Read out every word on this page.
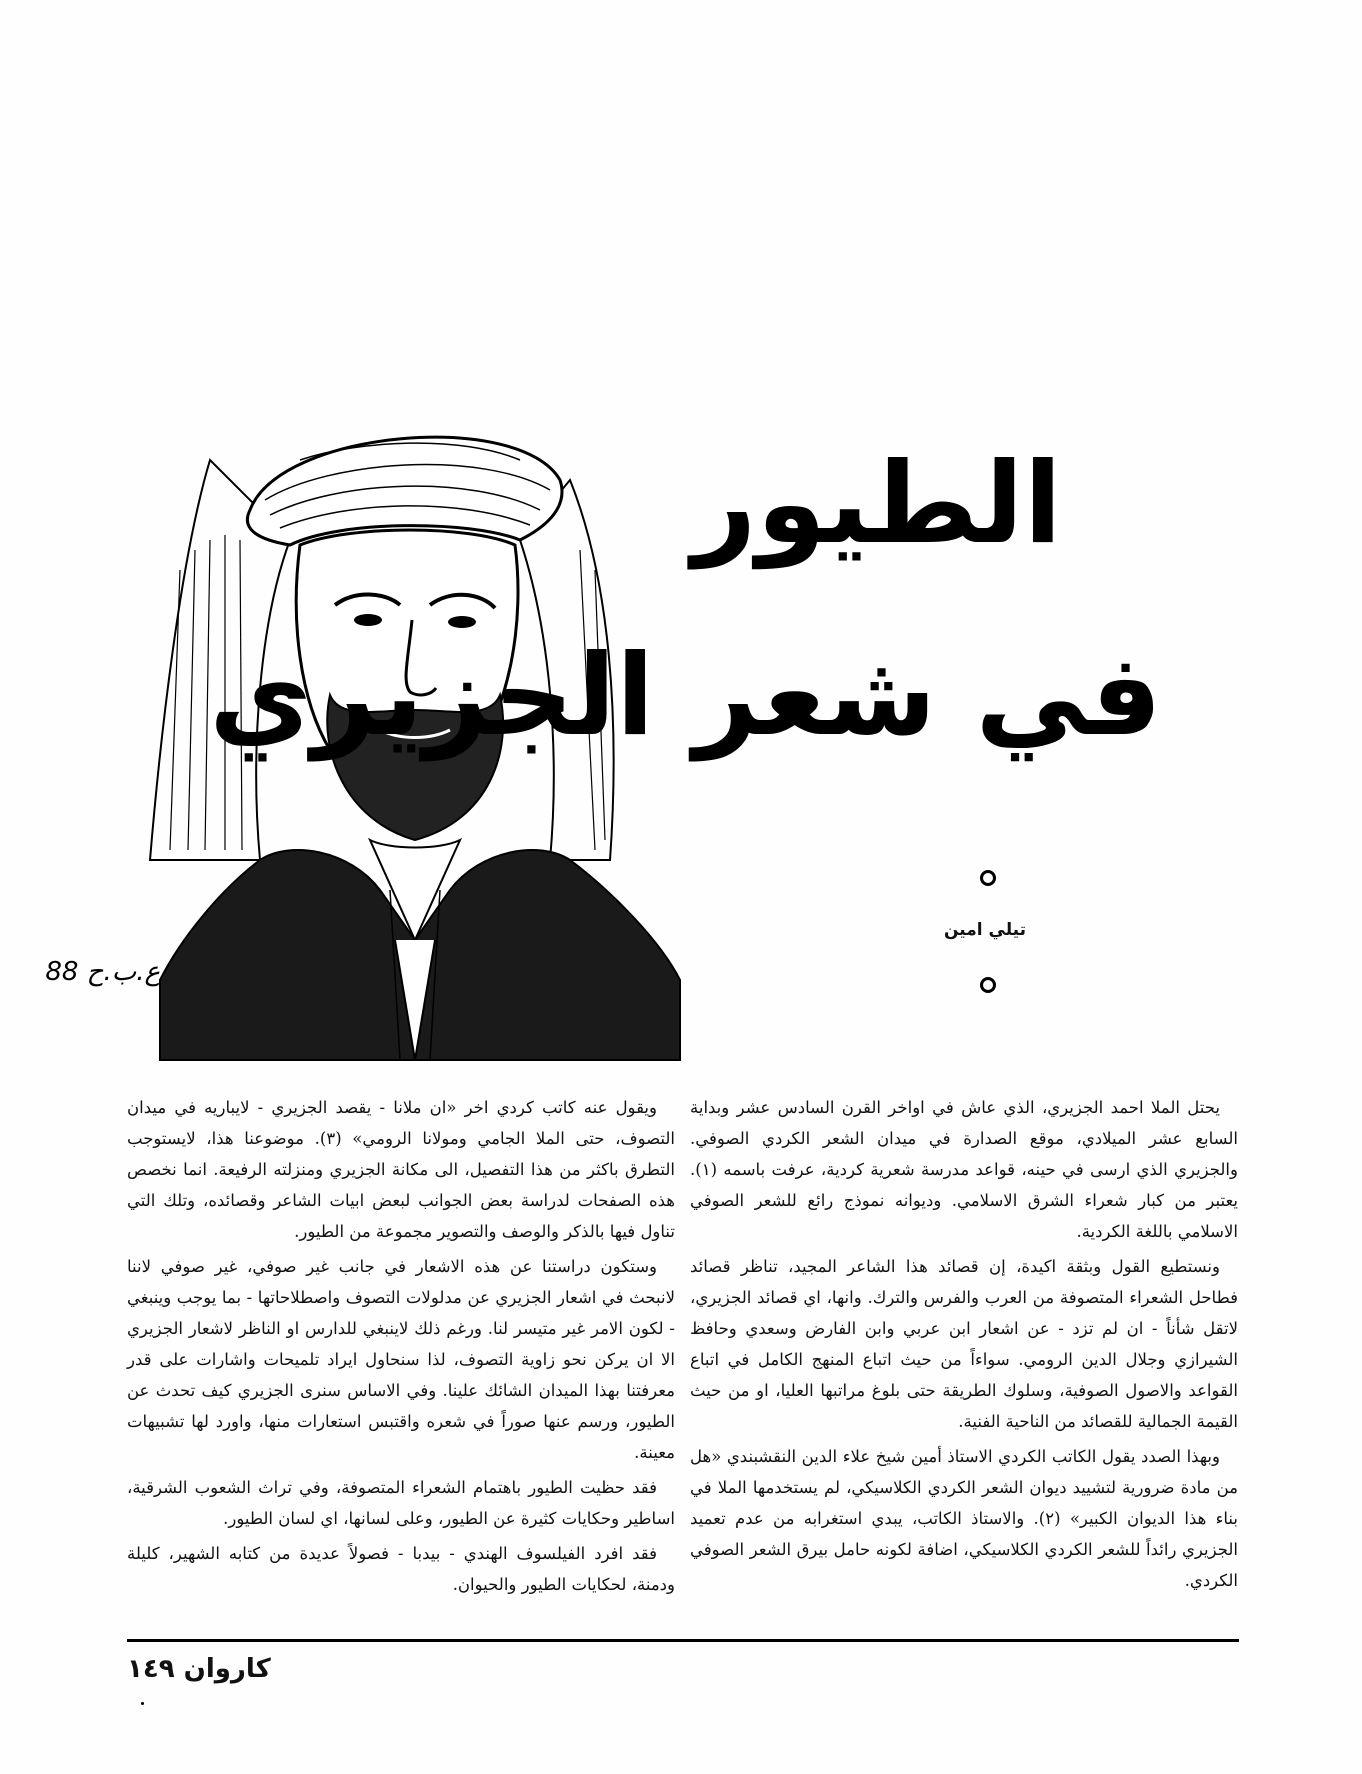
ع.ب.ح 88
الطيور
في شعر الجزيري
تيلي امين

يحتل الملا احمد الجزيري، الذي عاش في اواخر القرن السادس عشر وبداية السابع عشر الميلادي، موقع الصدارة في ميدان الشعر الكردي الصوفي. والجزيري الذي ارسى في حينه، قواعد مدرسة شعرية كردية، عرفت باسمه (١). يعتبر من كبار شعراء الشرق الاسلامي. وديوانه نموذج رائع للشعر الصوفي الاسلامي باللغة الكردية.

ونستطيع القول وبثقة اكيدة، إن قصائد هذا الشاعر المجيد، تناظر قصائد فطاحل الشعراء المتصوفة من العرب والفرس والترك. وانها، اي قصائد الجزيري، لاتقل شأناً - ان لم تزد - عن اشعار ابن عربي وابن الفارض وسعدي وحافظ الشيرازي وجلال الدين الرومي. سواءاً من حيث اتباع المنهج الكامل في اتباع القواعد والاصول الصوفية، وسلوك الطريقة حتى بلوغ مراتبها العليا، او من حيث القيمة الجمالية للقصائد من الناحية الفنية.

وبهذا الصدد يقول الكاتب الكردي الاستاذ أمين شيخ علاء الدين النقشبندي «هل من مادة ضرورية لتشييد ديوان الشعر الكردي الكلاسيكي، لم يستخدمها الملا في بناء هذا الديوان الكبير» (٢). والاستاذ الكاتب، يبدي استغرابه من عدم تعميد الجزيري رائداً للشعر الكردي الكلاسيكي، اضافة لكونه حامل بيرق الشعر الصوفي الكردي.

ويقول عنه كاتب كردي اخر «ان ملانا - يقصد الجزيري - لايباريه في ميدان التصوف، حتى الملا الجامي ومولانا الرومي» (٣). موضوعنا هذا، لايستوجب التطرق باكثر من هذا التفصيل، الى مكانة الجزيري ومنزلته الرفيعة. انما نخصص هذه الصفحات لدراسة بعض الجوانب لبعض ابيات الشاعر وقصائده، وتلك التي تناول فيها بالذكر والوصف والتصوير مجموعة من الطيور.

وستكون دراستنا عن هذه الاشعار في جانب غير صوفي، غير صوفي لاننا لانبحث في اشعار الجزيري عن مدلولات التصوف واصطلاحاتها - بما يوجب وينبغي - لكون الامر غير متيسر لنا. ورغم ذلك لاينبغي للدارس او الناظر لاشعار الجزيري الا ان يركن نحو زاوية التصوف، لذا سنحاول ايراد تلميحات واشارات على قدر معرفتنا بهذا الميدان الشائك علينا. وفي الاساس سنرى الجزيري كيف تحدث عن الطيور، ورسم عنها صوراً في شعره واقتبس استعارات منها، واورد لها تشبيهات معينة.

فقد حظيت الطيور باهتمام الشعراء المتصوفة، وفي تراث الشعوب الشرقية، اساطير وحكايات كثيرة عن الطيور، وعلى لسانها، اي لسان الطيور.

فقد افرد الفيلسوف الهندي - بيدبا - فصولاً عديدة من كتابه الشهير، كليلة ودمنة، لحكايات الطيور والحيوان.

كاروان ١٤٩
